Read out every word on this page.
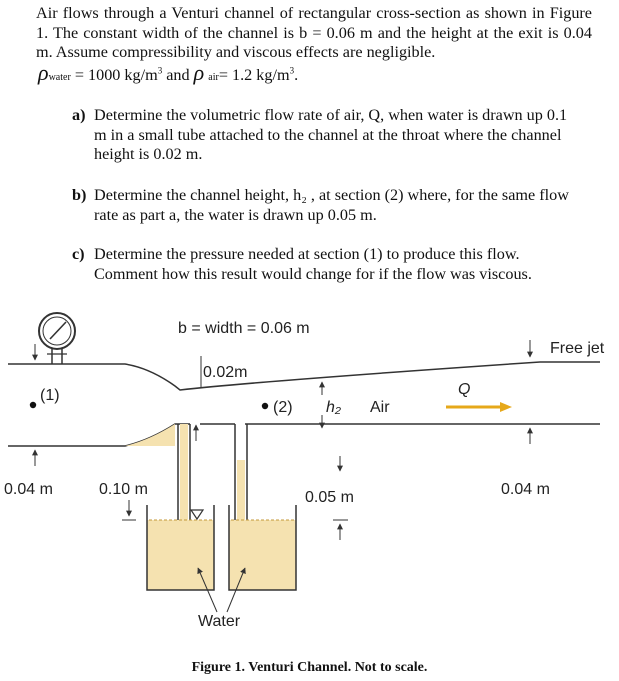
Air flows through a Venturi channel of rectangular cross-section as shown in Figure 1. The constant width of the channel is b = 0.06 m and the height at the exit is 0.04 m. Assume compressibility and viscous effects are negligible.

ρwater = 1000 $kg/m^3$ and ρ air= 1.2 $kg/m^3$.

a) Determine the volumetric flow rate of air, Q, when water is drawn up 0.1 m in a small tube attached to the channel at the throat where the channel height is 0.02 m.
b) Determine the channel height, h₂ , at section (2) where, for the same flow rate as part a, the water is drawn up 0.05 m.
c) Determine the pressure needed at section (1) to produce this flow. Comment how this result would change for if the flow was viscous.
b = width = 0.06 m
Free jet
0.02m
(1)
(2) h₂ Air
Q
0.04 m	0.10 m	0.05 m	0.04 m
Water
Figure 1. Venturi Channel. Not to scale.
